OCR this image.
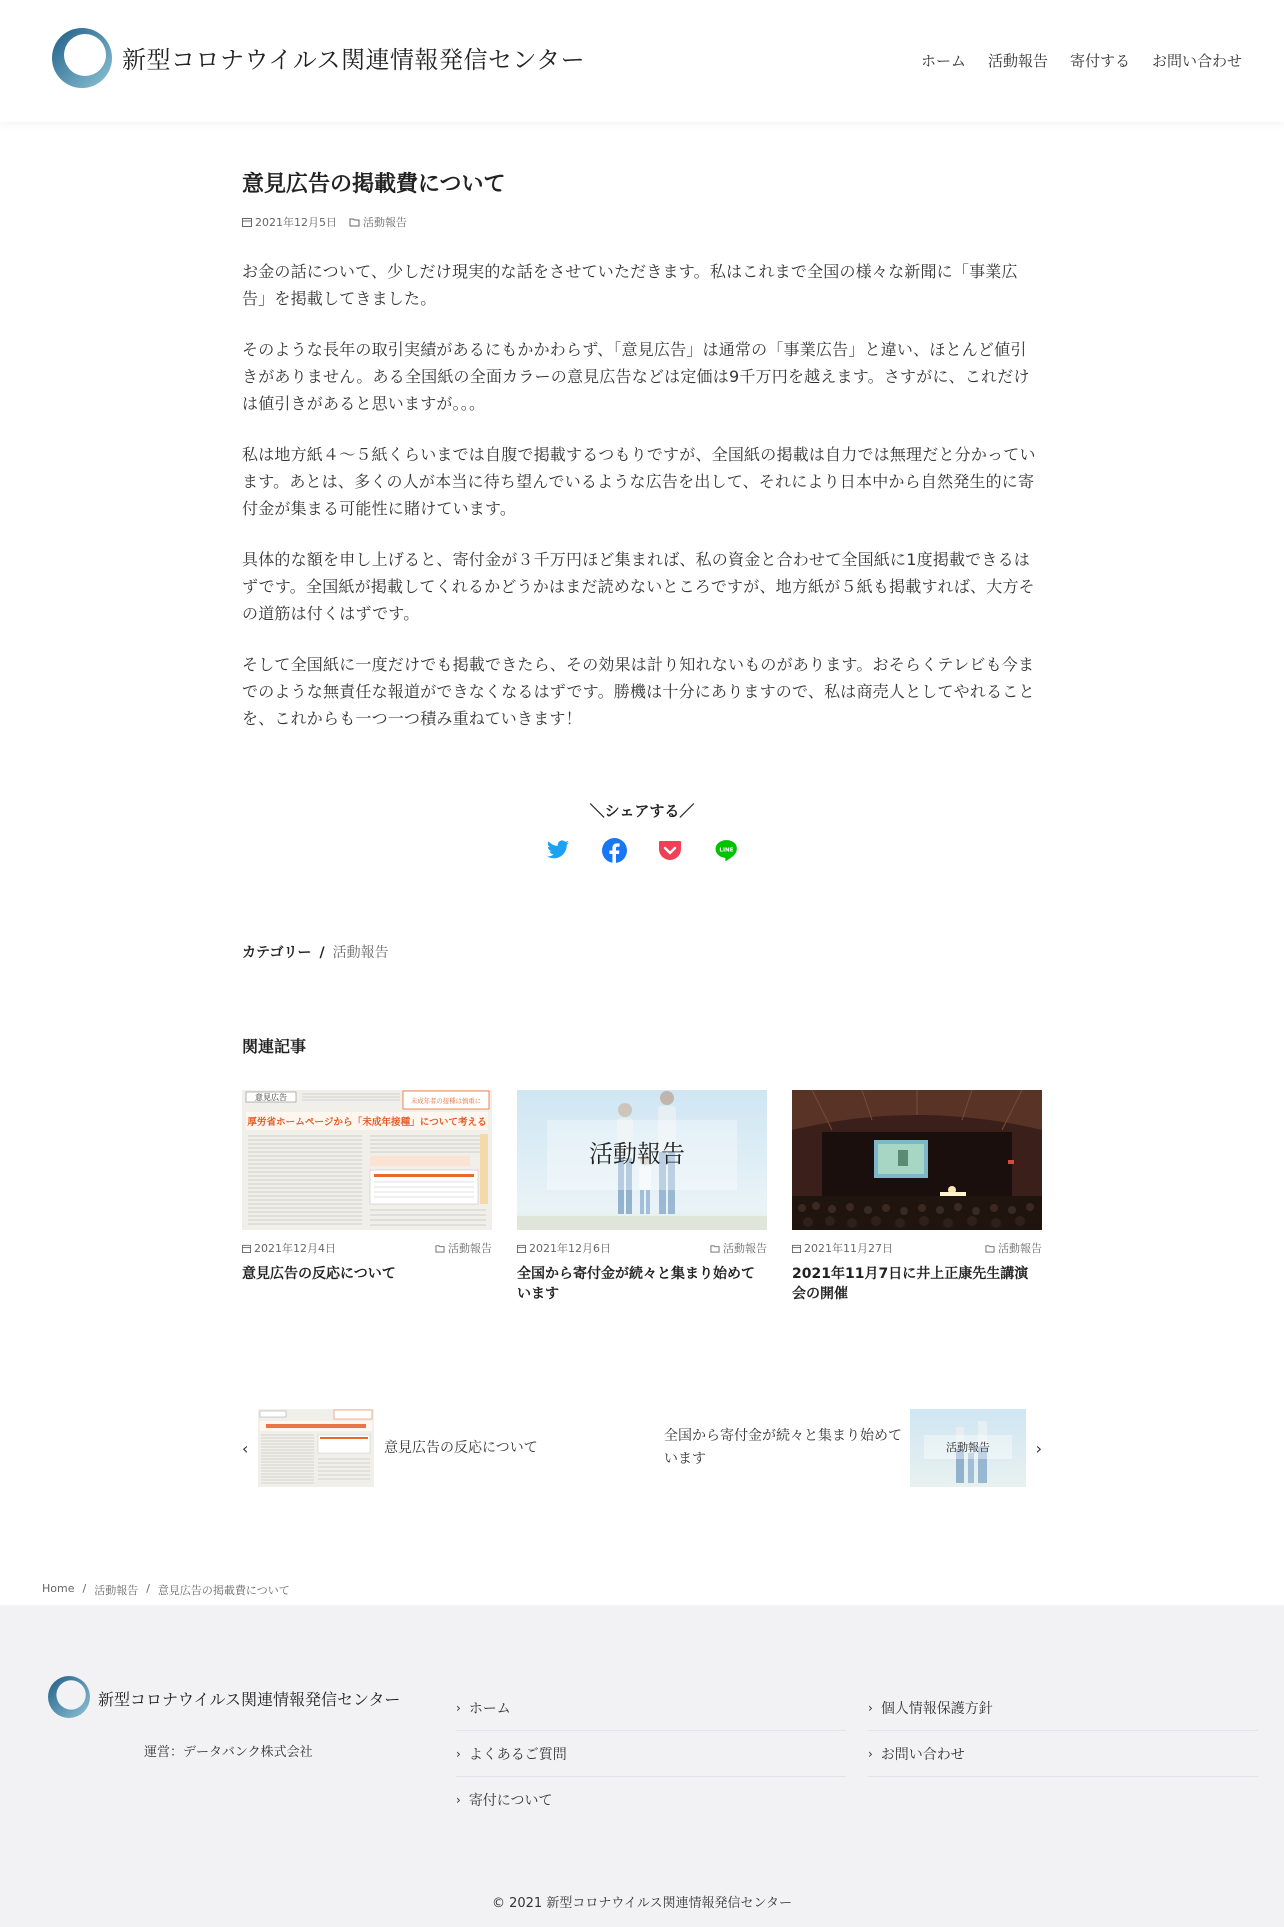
新型コロナウイルス関連情報発信センター	ホーム 活動報告 寄付する お問い合わせ
意見広告の掲載費について
2021年12月5日	活動報告

お金の話について、少しだけ現実的な話をさせていただきます。私はこれまで全国の様々な新聞に「事業広告」を掲載してきました。

そのような長年の取引実績があるにもかかわらず、「意見広告」は通常の「事業広告」と違い、ほとんど値引きがありません。ある全国紙の全面カラーの意見広告などは定価は9千万円を越えます。さすがに、これだけは値引きがあると思いますが。。。

私は地方紙４～５紙くらいまでは自腹で掲載するつもりですが、全国紙の掲載は自力では無理だと分かっています。あとは、多くの人が本当に待ち望んでいるような広告を出して、それにより日本中から自然発生的に寄付金が集まる可能性に賭けています。

具体的な額を申し上げると、寄付金が３千万円ほど集まれば、私の資金と合わせて全国紙に1度掲載できるはずです。全国紙が掲載してくれるかどうかはまだ読めないところですが、地方紙が５紙も掲載すれば、大方その道筋は付くはずです。

そして全国紙に一度だけでも掲載できたら、その効果は計り知れないものがあります。おそらくテレビも今までのような無責任な報道ができなくなるはずです。勝機は十分にありますので、私は商売人としてやれることを、これからも一つ一つ積み重ねていきます！

＼シェアする／
LINE
カテゴリー / 活動報告
関連記事
意見広告	未成年者の接種は慎重に
厚労省ホームページから「未成年接種」について考える
2021年12月4日	活動報告
意見広告の反応について
活動報告
2021年12月6日	活動報告
全国から寄付金が続々と集まり始めています
2021年11月27日	活動報告
2021年11月7日に井上正康先生講演会の開催
‹	意見広告の反応について
全国から寄付金が続々と集まり始めています
活動報告	›
Home / 活動報告 / 意見広告の掲載費について
新型コロナウイルス関連情報発信センター
運営：データバンク株式会社
› ホーム
› よくあるご質問
› 寄付について
› 個人情報保護方針
› お問い合わせ
© 2021 新型コロナウイルス関連情報発信センター
